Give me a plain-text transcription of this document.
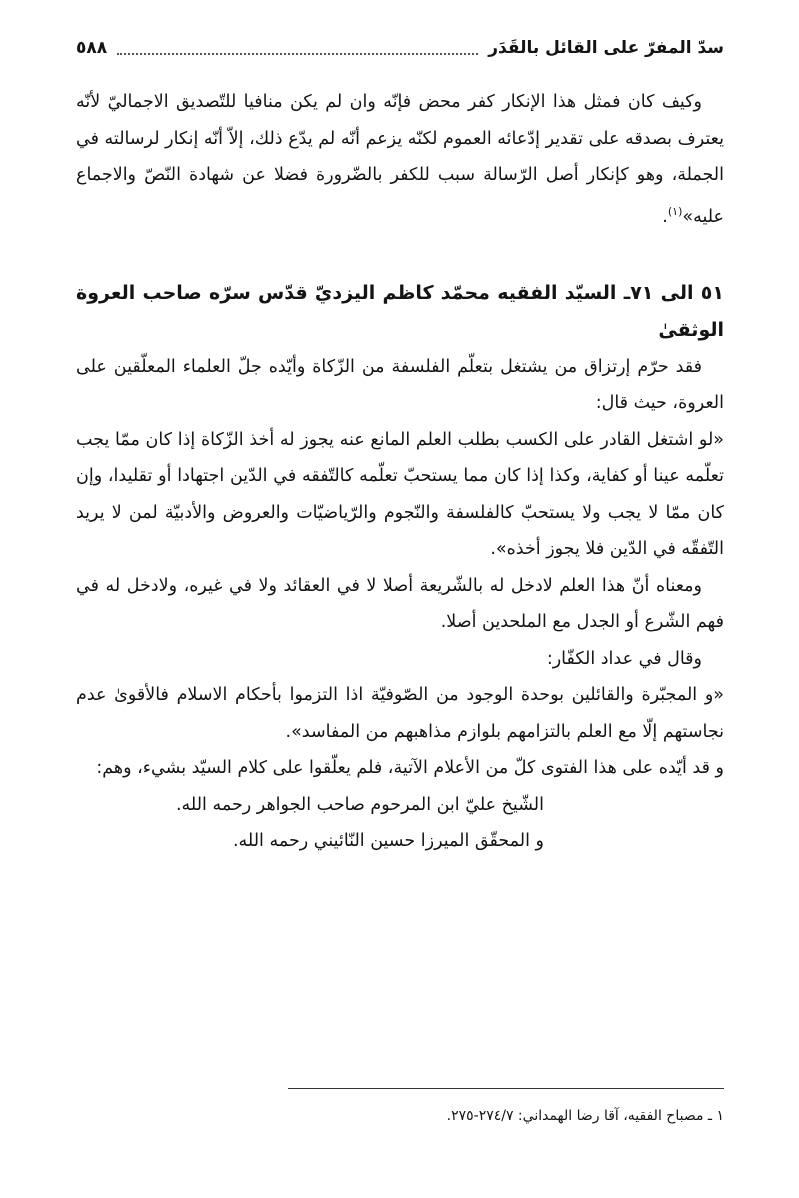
سدّ المفرّ على القائل بالقَدَر
٥٨٨

وكيف كان فمثل هذا الإنكار كفر محض فإنّه وان لم يكن منافيا للتّصديق الاجماليّ لأنّه يعترف بصدقه على تقدير إدّعائه العموم لكنّه يزعم أنّه لم يدّع ذلك، إلاّ أنّه إنكار لرسالته في الجملة، وهو كإنكار أصل الرّسالة سبب للكفر بالضّرورة فضلا عن شهادة النّصّ والاجماع عليه»$^{(١)}$.

٥١ الى ٧١ـ السيّد الفقيه محمّد كاظم اليزديّ قدّس سرّه صاحب العروة الوثقىٰ

فقد حرّم إرتزاق من يشتغل بتعلّم الفلسفة من الزّكاة وأيّده جلّ العلماء المعلّقين على العروة، حيث قال:

«لو اشتغل القادر على الكسب بطلب العلم المانع عنه يجوز له أخذ الزّكاة إذا كان ممّا يجب تعلّمه عينا أو كفاية، وكذا إذا كان مما يستحبّ تعلّمه كالتّفقه في الدّين اجتهادا أو تقليدا، وإن كان ممّا لا يجب ولا يستحبّ كالفلسفة والنّجوم والرّياضيّات والعروض والأدبيّة لمن لا يريد التّفقّه في الدّين فلا يجوز أخذه».

ومعناه أنّ هذا العلم لادخل له بالشّريعة أصلا لا في العقائد ولا في غيره، ولادخل له في فهم الشّرع أو الجدل مع الملحدين أصلا.

وقال في عداد الكفّار:

«و المجبّرة والقائلين بوحدة الوجود من الصّوفيّة اذا التزموا بأحكام الاسلام فالأقوىٰ عدم نجاستهم إلّا مع العلم بالتزامهم بلوازم مذاهبهم من المفاسد».

و قد أيّده على هذا الفتوى كلّ من الأعلام الآتية، فلم يعلّقوا على كلام السيّد بشيء، وهم:

الشّيخ عليّ ابن المرحوم صاحب الجواهر رحمه الله.

و المحقّق الميرزا حسين النّائيني رحمه الله.

١ ـ مصباح الفقيه، آقا رضا الهمداني: ٢٧٤/٧-٢٧٥.
